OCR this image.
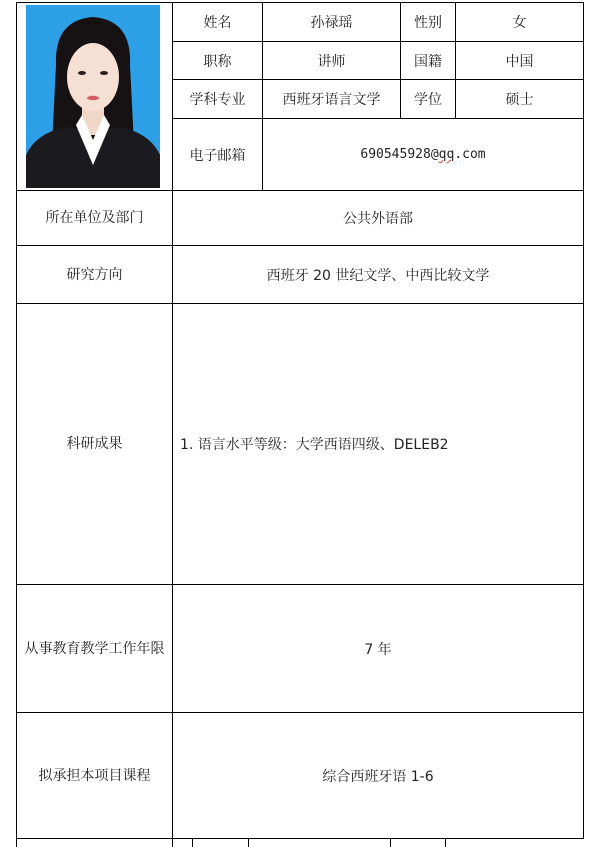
姓名	孙禄瑶	性别	女
职称	讲师	国籍	中国
学科专业	西班牙语言文学	学位	硕士
电子邮箱	690545928@ qq .com
所在单位及部门	公共外语部
研究方向	西班牙 20 世纪文学、中西比较文学
科研成果	1. 语言水平等级：大学西语四级、DELEB2
从事教育教学工作年限	7 年
拟承担本项目课程	综合西班牙语 1-6
